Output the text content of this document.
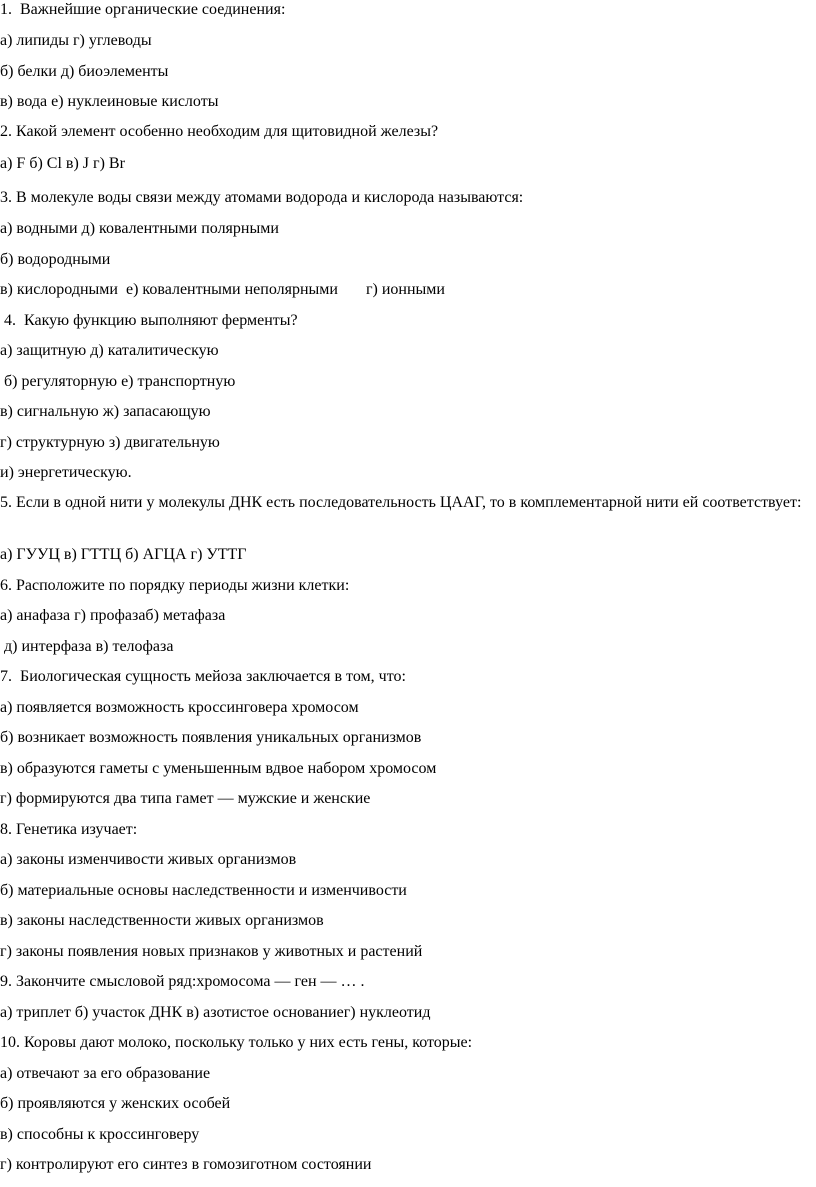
1.  Важнейшие органические соединения:

а) липиды г) углеводы

б) белки д) биоэлементы

в) вода е) нуклеиновые кислоты

2. Какой элемент особенно необходим для щитовидной железы?

а) F б) Cl в) J г) Br

3. В молекуле воды связи между атомами водорода и кислорода называются:

а) водными д) ковалентными полярными

б) водородными

в) кислородными  е) ковалентными неполярными       г) ионными

4.  Какую функцию выполняют ферменты?

а) защитную д) каталитическую

б) регуляторную е) транспортную

в) сигнальную ж) запасающую

г) структурную з) двигательную

и) энергетическую.

5. Если в одной нити у молекулы ДНК есть последовательность ЦААГ, то в комплементарной нити ей соответствует:

а) ГУУЦ в) ГТТЦ б) АГЦА г) УТТГ

6. Расположите по порядку периоды жизни клетки:

а) анафаза г) профазаб) метафаза

д) интерфаза в) телофаза

7.  Биологическая сущность мейоза заключается в том, что:

а) появляется возможность кроссинговера хромосом

б) возникает возможность появления уникальных организмов

в) образуются гаметы с уменьшенным вдвое набором хромосом

г) формируются два типа гамет — мужские и женские

8. Генетика изучает:

а) законы изменчивости живых организмов

б) материальные основы наследственности и изменчивости

в) законы наследственности живых организмов

г) законы появления новых признаков у животных и растений

9. Закончите смысловой ряд:хромосома — ген — … .

а) триплет б) участок ДНК в) азотистое основаниег) нуклеотид

10. Коровы дают молоко, поскольку только у них есть гены, которые:

а) отвечают за его образование

б) проявляются у женских особей

в) способны к кроссинговеру

г) контролируют его синтез в гомозиготном состоянии
